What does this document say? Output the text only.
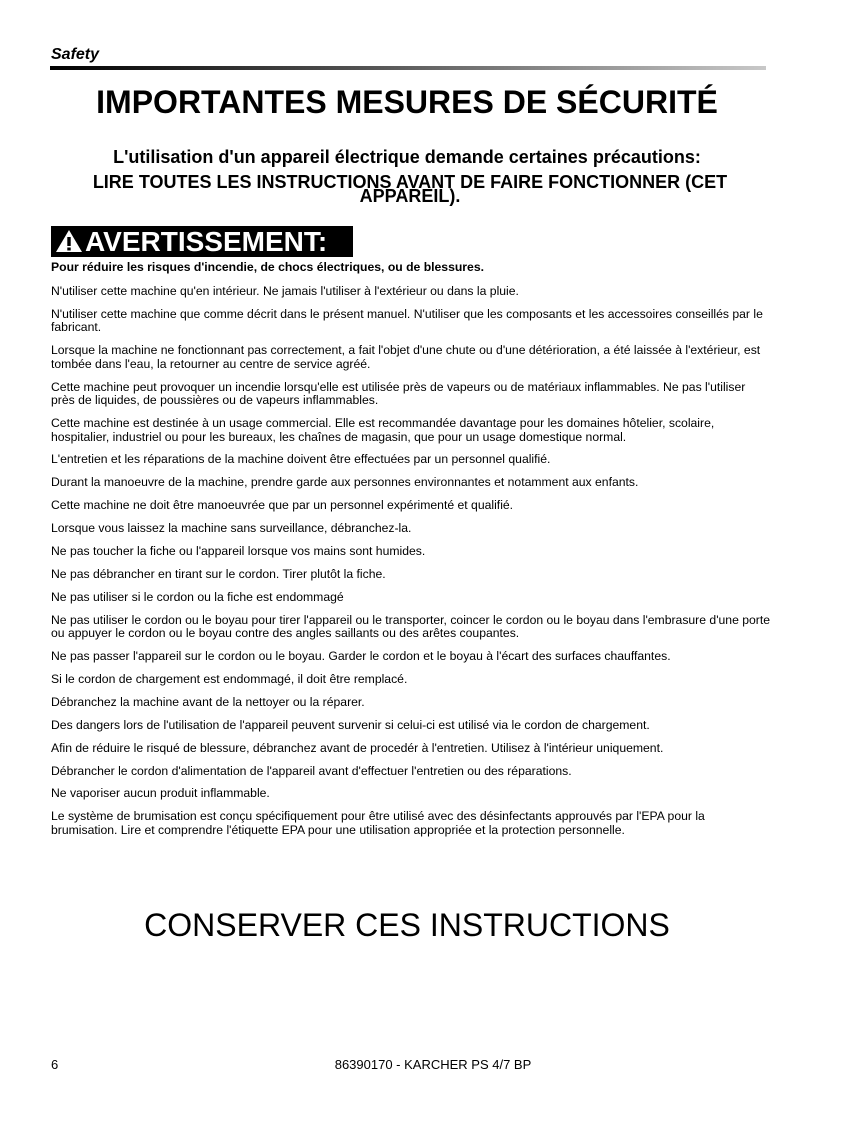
Safety
IMPORTANTES MESURES DE SÉCURITÉ
L'utilisation d'un appareil électrique demande certaines précautions:
LIRE TOUTES LES INSTRUCTIONS AVANT DE FAIRE FONCTIONNER (CET APPAREIL).
AVERTISSEMENT:
Pour réduire les risques d'incendie, de chocs électriques, ou de blessures.
N'utiliser cette machine qu'en intérieur. Ne jamais l'utiliser à l'extérieur ou dans la pluie.
N'utiliser cette machine que comme décrit dans le présent manuel. N'utiliser que les composants et les accessoires conseillés par le fabricant.
Lorsque la machine ne fonctionnant pas correctement, a fait l'objet d'une chute ou d'une détérioration, a été laissée à l'extérieur, est tombée dans l'eau, la retourner au centre de service agréé.
Cette machine peut provoquer un incendie lorsqu'elle est utilisée près de vapeurs ou de matériaux inflammables. Ne pas l'utiliser près de liquides, de poussières ou de vapeurs inflammables.
Cette machine est destinée à un usage commercial. Elle est recommandée davantage pour les domaines hôtelier, scolaire, hospitalier, industriel ou pour les bureaux, les chaînes de magasin, que pour un usage domestique normal.
L'entretien et les réparations de la machine doivent être effectuées par un personnel qualifié.
Durant la manoeuvre de la machine, prendre garde aux personnes environnantes et notamment aux enfants.
Cette machine ne doit être manoeuvrée que par un personnel expérimenté et qualifié.
Lorsque vous laissez la machine sans surveillance, débranchez-la.
Ne pas toucher la fiche ou l'appareil lorsque vos mains sont humides.
Ne pas débrancher en tirant sur le cordon. Tirer plutôt la fiche.
Ne pas utiliser si le cordon ou la fiche est endommagé
Ne pas utiliser le cordon ou le boyau pour tirer l'appareil ou le transporter, coincer le cordon ou le boyau dans l'embrasure d'une porte ou appuyer le cordon ou le boyau contre des angles saillants ou des arêtes coupantes.
Ne pas passer l'appareil sur le cordon ou le boyau. Garder le cordon et le boyau à l'écart des surfaces chauffantes.
Si le cordon de chargement est endommagé, il doit être remplacé.
Débranchez la machine avant de la nettoyer ou la réparer.
Des dangers lors de l'utilisation de l'appareil peuvent survenir si celui-ci est utilisé via le cordon de chargement.
Afin de réduire le risqué de blessure, débranchez avant de procedér à l'entretien. Utilisez à l'intérieur uniquement.
Débrancher le cordon d'alimentation de l'appareil avant d'effectuer l'entretien ou des réparations.
Ne vaporiser aucun produit inflammable.
Le système de brumisation est conçu spécifiquement pour être utilisé avec des désinfectants approuvés par l'EPA pour la brumisation. Lire et comprendre l'étiquette EPA pour une utilisation appropriée et la protection personnelle.
CONSERVER CES INSTRUCTIONS
6	86390170 - KARCHER PS 4/7 BP
